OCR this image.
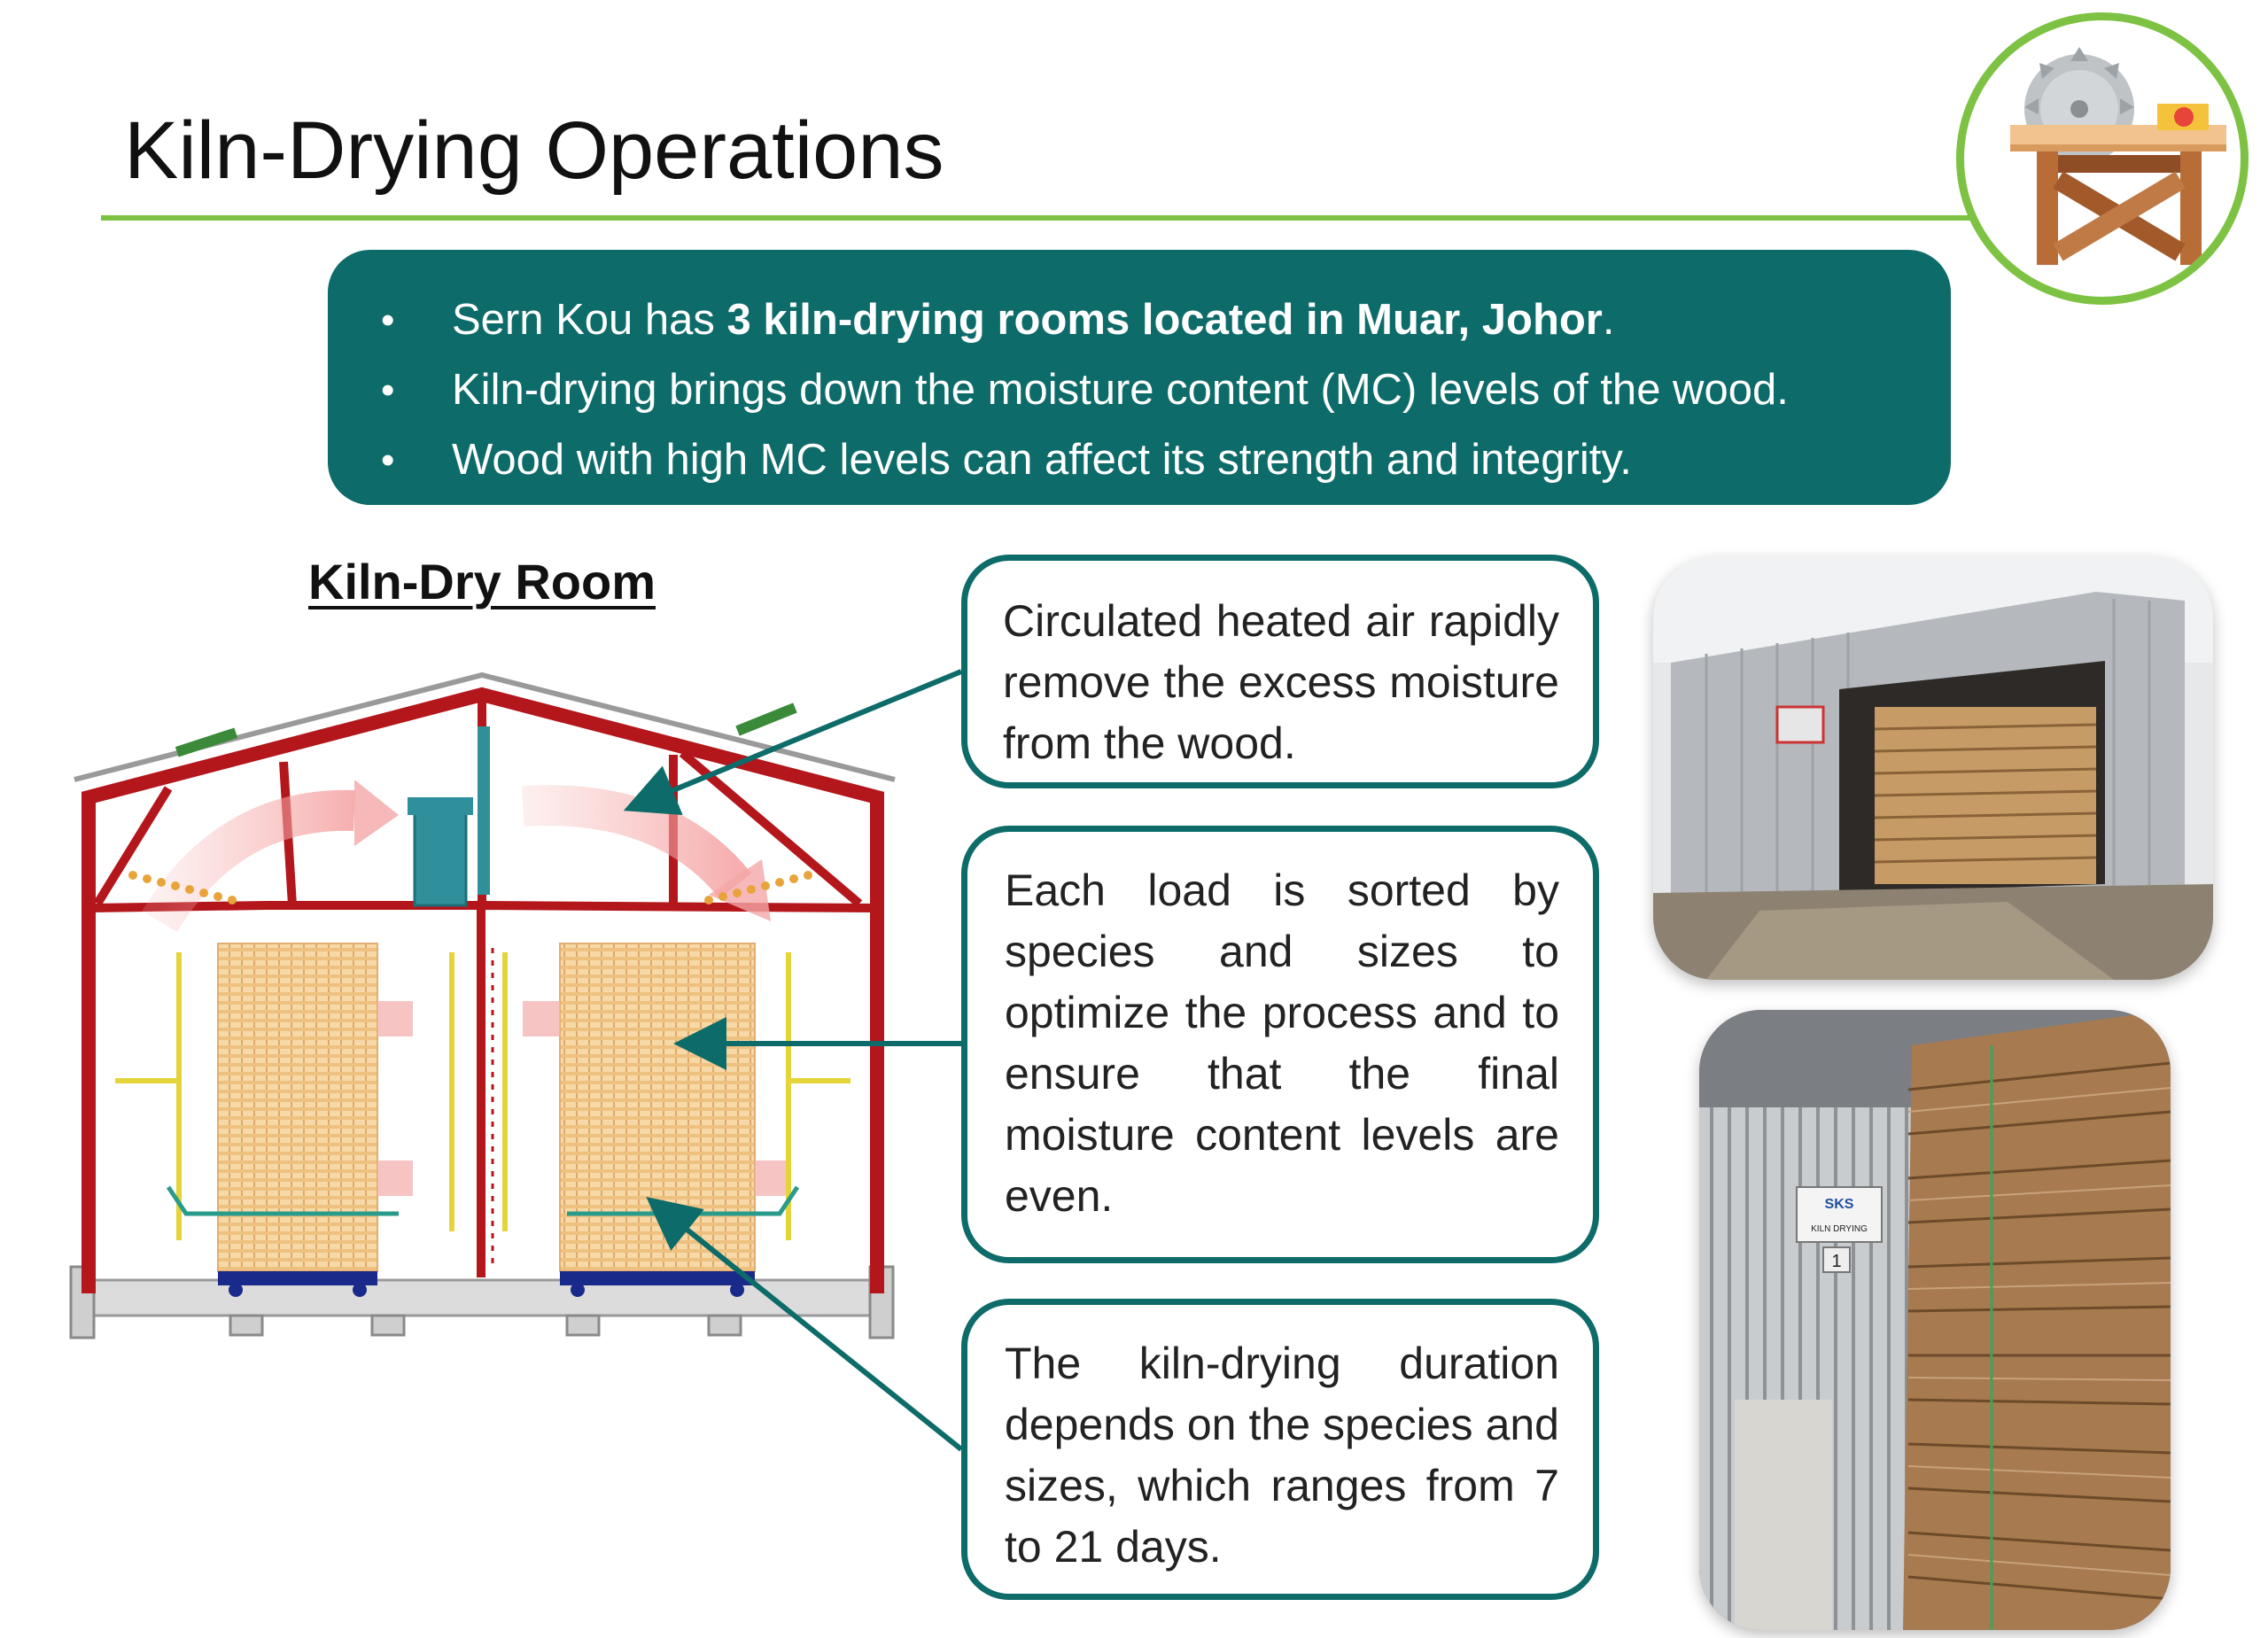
Kiln-Drying Operations
• Sern Kou has 3 kiln-drying rooms located in Muar, Johor.
• Kiln-drying brings down the moisture content (MC) levels of the wood.
• Wood with high MC levels can affect its strength and integrity.
Kiln-Dry Room
Circulated heated air rapidly remove the excess moisture from the wood.
Each load is sorted by species and sizes to optimize the process and to ensure that the final moisture content levels are even.
The kiln-drying duration depends on the species and sizes, which ranges from 7 to 21 days.
SKS
KILN DRYING
1
